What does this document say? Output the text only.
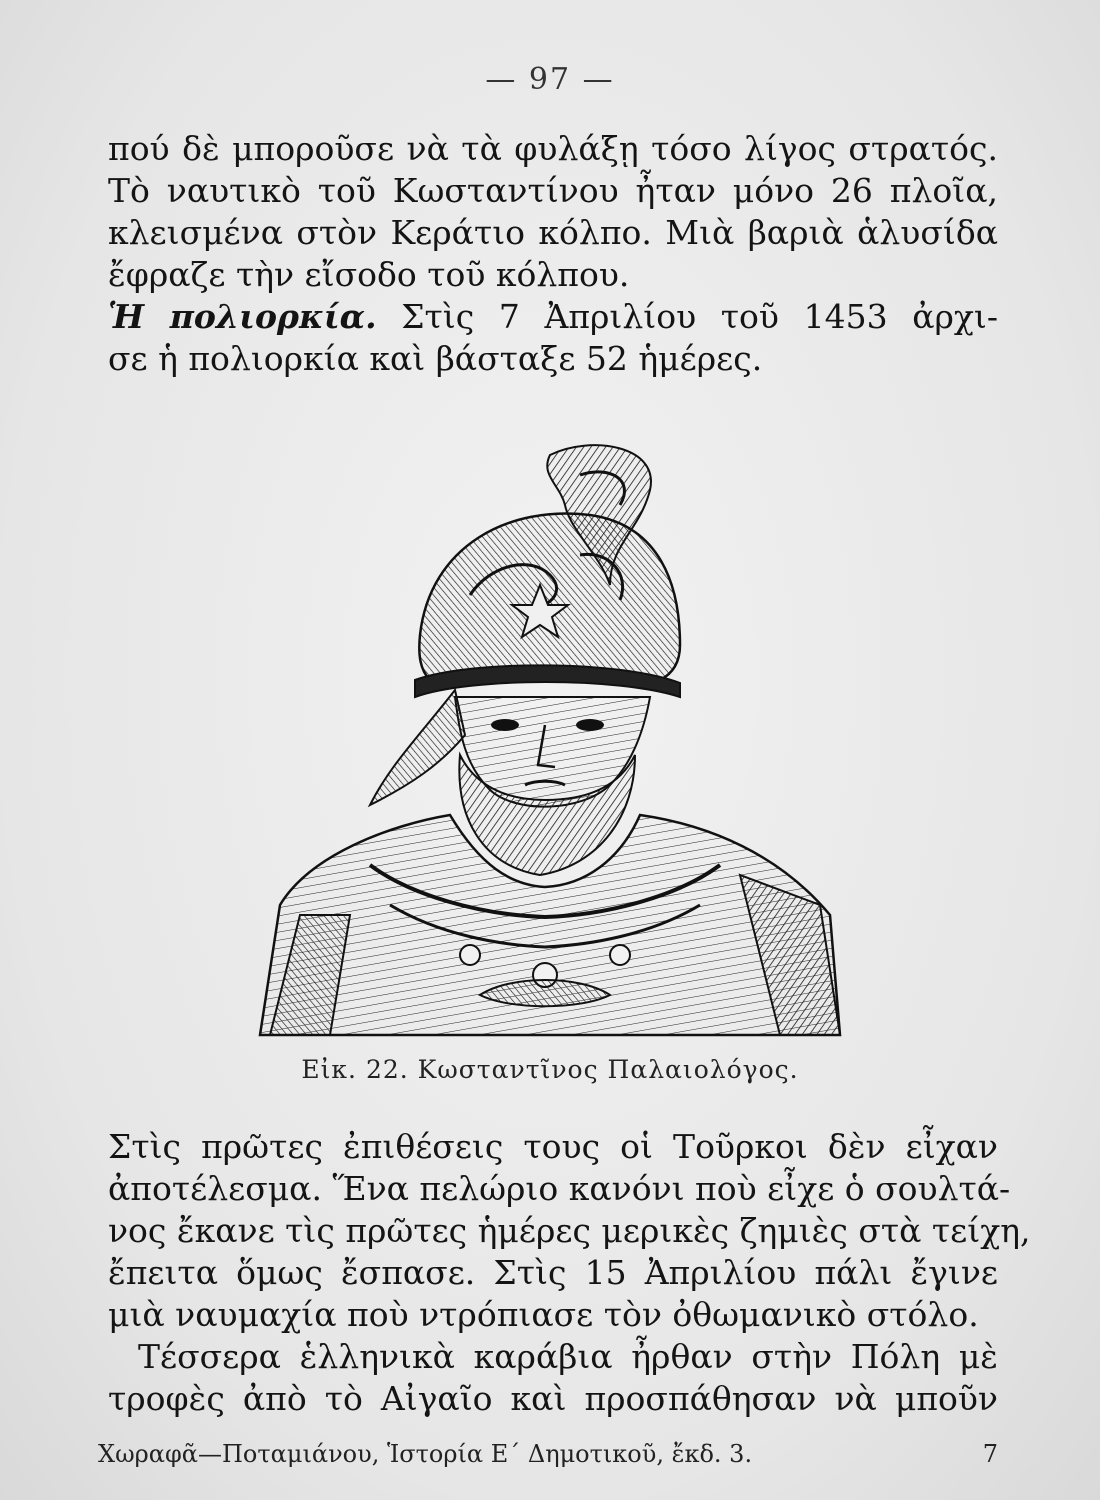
— 97 —
πού δὲ μποροῦσε νὰ τὰ φυλάξῃ τόσο λίγος στρατός.
Τὸ ναυτικὸ τοῦ Κωσταντίνου ἦταν μόνο 26 πλοῖα,
κλεισμένα στὸν Κεράτιο κόλπο. Μιὰ βαριὰ ἁλυσίδα
ἔφραζε τὴν εἴσοδο τοῦ κόλπου.
Ἡ πολιορκία. Στὶς 7 Ἀπριλίου τοῦ 1453 ἀρχι-
σε ἡ πολιορκία καὶ βάσταξε 52 ἡμέρες.
Εἰκ. 22. Κωσταντῖνος Παλαιολόγος.
Στὶς πρῶτες ἐπιθέσεις τους οἱ Τοῦρκοι δὲν εἶχαν
ἀποτέλεσμα. Ἕνα πελώριο κανόνι ποὺ εἶχε ὁ σουλτά-
νος ἔκανε τὶς πρῶτες ἡμέρες μερικὲς ζημιὲς στὰ τείχη,
ἔπειτα ὅμως ἔσπασε. Στὶς 15 Ἀπριλίου πάλι ἔγινε
μιὰ ναυμαχία ποὺ ντρόπιασε τὸν ὀθωμανικὸ στόλο.
Τέσσερα ἑλληνικὰ καράβια ἦρθαν στὴν Πόλη μὲ
τροφὲς ἀπὸ τὸ Αἰγαῖο καὶ προσπάθησαν νὰ μποῦν
Χωραφᾶ—Ποταμιάνου, Ἱστορία Ε΄ Δημοτικοῦ, ἔκδ. 3.	7
